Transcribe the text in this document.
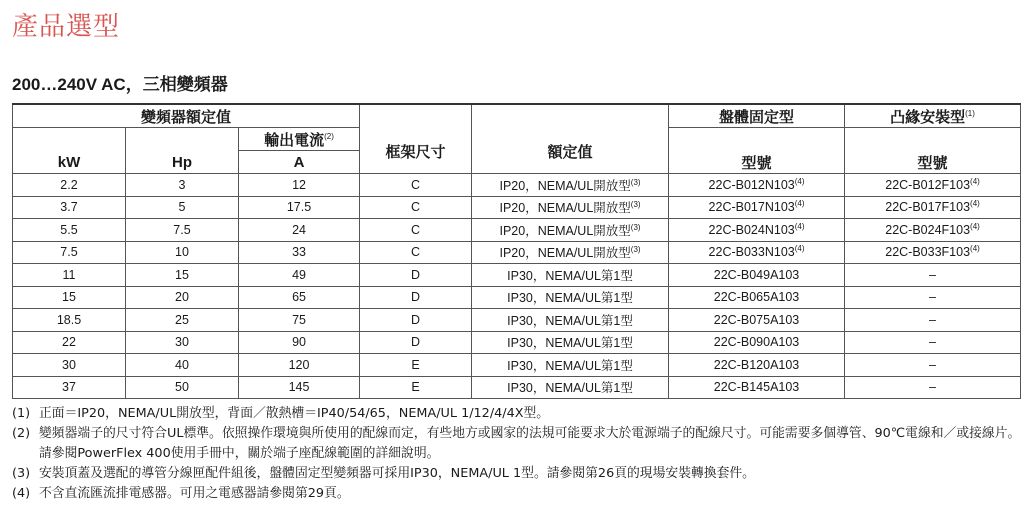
產品選型
200…240V AC，三相變頻器
變頻器額定值			框架尺寸	額定值	盤體固定型	凸緣安裝型$^{(1)}$

kW	Hp	輸出電流$^{(2)}$			型號	型號

		A				
2.2	3	12	C	IP20，NEMA/UL開放型$^{(3)}$	22C-B012N103$^{(4)}$	22C-B012F103$^{(4)}$
3.7	5	17.5	C	IP20，NEMA/UL開放型$^{(3)}$	22C-B017N103$^{(4)}$	22C-B017F103$^{(4)}$
5.5	7.5	24	C	IP20，NEMA/UL開放型$^{(3)}$	22C-B024N103$^{(4)}$	22C-B024F103$^{(4)}$
7.5	10	33	C	IP20，NEMA/UL開放型$^{(3)}$	22C-B033N103$^{(4)}$	22C-B033F103$^{(4)}$
11	15	49	D	IP30，NEMA/UL第1型	22C-B049A103	–
15	20	65	D	IP30，NEMA/UL第1型	22C-B065A103	–
18.5	25	75	D	IP30，NEMA/UL第1型	22C-B075A103	–
22	30	90	D	IP30，NEMA/UL第1型	22C-B090A103	–
30	40	120	E	IP30，NEMA/UL第1型	22C-B120A103	–
37	50	145	E	IP30，NEMA/UL第1型	22C-B145A103	–
(1) 正面＝IP20，NEMA/UL開放型，背面／散熱槽＝IP40/54/65，NEMA/UL 1/12/4/4X型。
(2) 變頻器端子的尺寸符合UL標準。依照操作環境與所使用的配線而定，有些地方或國家的法規可能要求大於電源端子的配線尺寸。可能需要多個導管、90℃電線和／或接線片。請參閱PowerFlex 400使用手冊中，關於端子座配線範圍的詳細說明。
(3) 安裝頂蓋及選配的導管分線匣配件組後，盤體固定型變頻器可採用IP30，NEMA/UL 1型。請參閱第26頁的現場安裝轉換套件。
(4) 不含直流匯流排電感器。可用之電感器請參閱第29頁。
